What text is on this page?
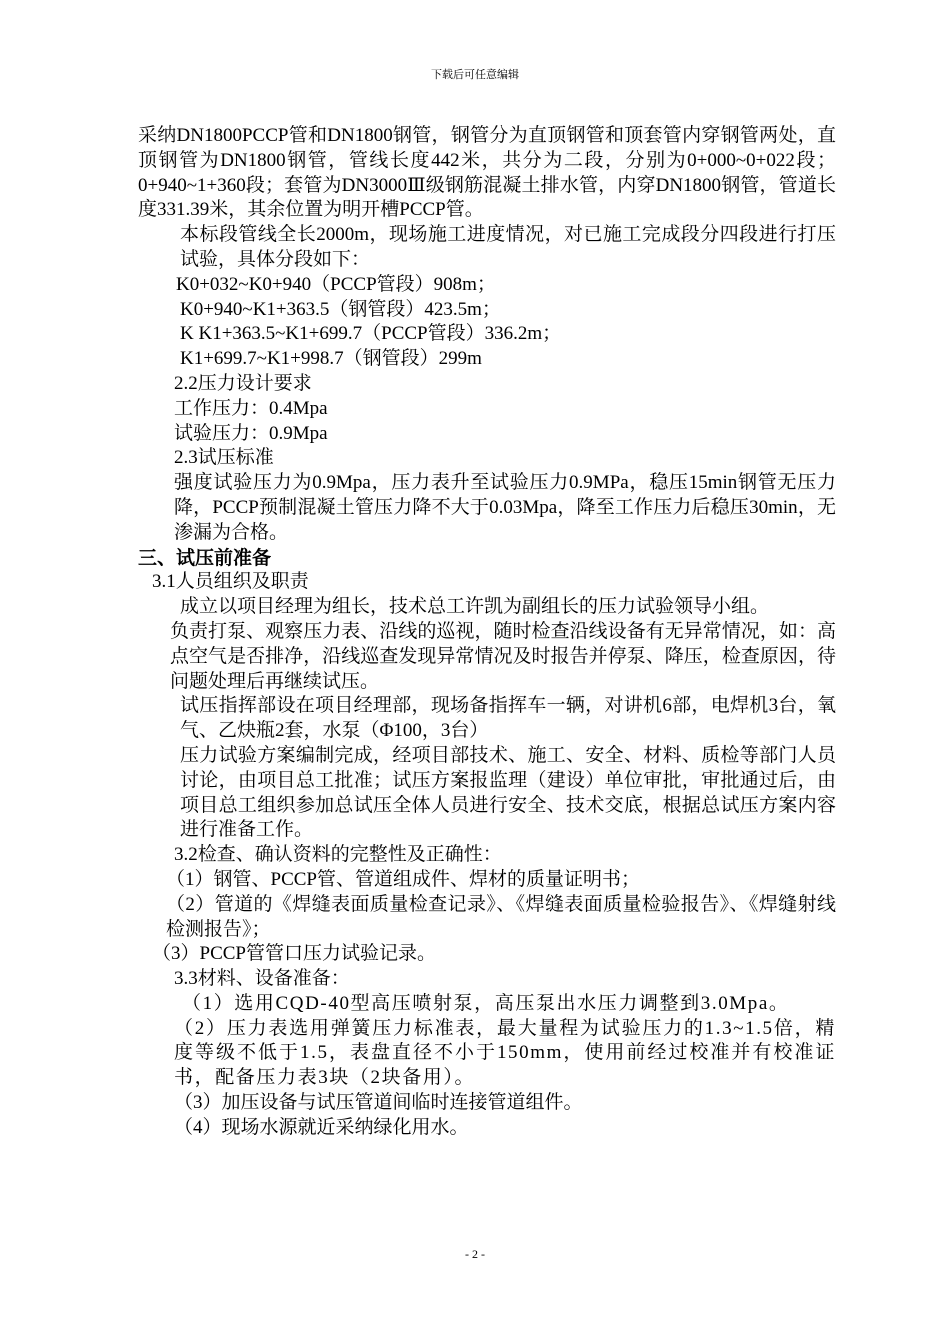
下载后可任意编辑

采纳DN1800PCCP管和DN1800钢管，钢管分为直顶钢管和顶套管内穿钢管两处，直顶钢管为DN1800钢管，管线长度442米，共分为二段，分别为0+000~0+022段；0+940~1+360段；套管为DN3000Ⅲ级钢筋混凝土排水管，内穿DN1800钢管，管道长度331.39米，其余位置为明开槽PCCP管。

本标段管线全长2000m，现场施工进度情况，对已施工完成段分四段进行打压试验，具体分段如下：

K0+032~K0+940（PCCP管段）908m；

K0+940~K1+363.5（钢管段）423.5m；

K K1+363.5~K1+699.7（PCCP管段）336.2m；

K1+699.7~K1+998.7（钢管段）299m

2.2压力设计要求

工作压力：0.4Mpa

试验压力：0.9Mpa

2.3试压标准

强度试验压力为0.9Mpa，压力表升至试验压力0.9MPa，稳压15min钢管无压力降，PCCP预制混凝土管压力降不大于0.03Mpa，降至工作压力后稳压30min，无渗漏为合格。

三、试压前准备

3.1人员组织及职责

成立以项目经理为组长，技术总工许凯为副组长的压力试验领导小组。

负责打泵、观察压力表、沿线的巡视，随时检查沿线设备有无异常情况，如：高点空气是否排净，沿线巡查发现异常情况及时报告并停泵、降压，检查原因，待问题处理后再继续试压。

试压指挥部设在项目经理部，现场备指挥车一辆，对讲机6部，电焊机3台，氧气、乙炔瓶2套，水泵（Φ100，3台）

压力试验方案编制完成，经项目部技术、施工、安全、材料、质检等部门人员讨论，由项目总工批准；试压方案报监理（建设）单位审批，审批通过后，由项目总工组织参加总试压全体人员进行安全、技术交底，根据总试压方案内容进行准备工作。

3.2检查、确认资料的完整性及正确性：

（1）钢管、PCCP管、管道组成件、焊材的质量证明书；

（2）管道的《焊缝表面质量检查记录》、《焊缝表面质量检验报告》、《焊缝射线检测报告》；

（3）PCCP管管口压力试验记录。

3.3材料、设备准备：

（1）选用CQD-40型高压喷射泵，高压泵出水压力调整到3.0Mpa。

（2）压力表选用弹簧压力标准表，最大量程为试验压力的1.3~1.5倍，精度等级不低于1.5，表盘直径不小于150mm，使用前经过校准并有校准证书，配备压力表3块（2块备用）。

（3）加压设备与试压管道间临时连接管道组件。

（4）现场水源就近采纳绿化用水。

- 2 -
